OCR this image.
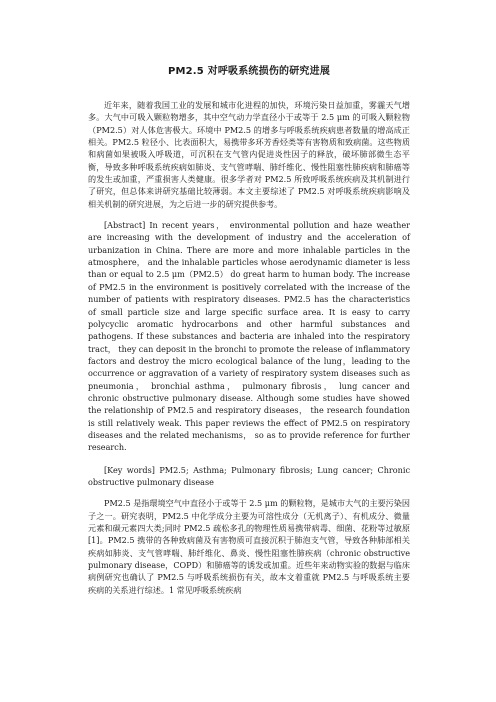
PM2.5 对呼吸系统损伤的研究进展

近年来，随着我国工业的发展和城市化进程的加快，环境污染日益加重，雾霾天气增多。大气中可吸入颗粒物增多，其中空气动力学直径小于或等于 2.5 μm 的可吸入颗粒物（PM2.5）对人体危害极大。环境中 PM2.5 的增多与呼吸系统疾病患者数量的增高成正相关。PM2.5 粒径小、比表面积大，易携带多环芳香烃类等有害物质和致病菌。这些物质和病菌如果被吸入呼吸道，可沉积在支气管内促进炎性因子的释放，破坏肺部微生态平衡，导致多种呼吸系统疾病如肺炎、支气管哮喘、肺纤维化、慢性阻塞性肺疾病和肺癌等的发生或加重，严重损害人类健康。很多学者对 PM2.5 所致呼吸系统疾病及其机制进行了研究，但总体来讲研究基础比较薄弱。本文主要综述了 PM2.5 对呼吸系统疾病影响及相关机制的研究进展，为之后进一步的研究提供参考。

[Abstract] In recent years， environmental pollution and haze weather are increasing with the development of industry and the acceleration of urbanization in China. There are more and more inhalable particles in the atmosphere， and the inhalable particles whose aerodynamic diameter is less than or equal to 2.5 μm（PM2.5） do great harm to human body. The increase of PM2.5 in the environment is positively correlated with the increase of the number of patients with respiratory diseases. PM2.5 has the characteristics of small particle size and large specific surface area. It is easy to carry polycyclic aromatic hydrocarbons and other harmful substances and pathogens. If these substances and bacteria are inhaled into the respiratory tract， they can deposit in the bronchi to promote the release of inflammatory factors and destroy the micro ecological balance of the lung，leading to the occurrence or aggravation of a variety of respiratory system diseases such as pneumonia， bronchial asthma， pulmonary fibrosis， lung cancer and chronic obstructive pulmonary disease. Although some studies have showed the relationship of PM2.5 and respiratory diseases， the research foundation is still relatively weak. This paper reviews the effect of PM2.5 on respiratory diseases and the related mechanisms， so as to provide reference for further research.

[Key words] PM2.5; Asthma; Pulmonary fibrosis; Lung cancer; Chronic obstructive pulmonary disease

PM2.5 是指環境空气中直径小于或等于 2.5 μm 的颗粒物，是城市大气的主要污染因子之一。研究表明，PM2.5 中化学成分主要为可溶性成分（无机离子）、有机成分、微量元素和碳元素四大类;同时 PM2.5 疏松多孔的物理性质易携带病毒、细菌、花粉等过敏原[1]。PM2.5 携带的各种致病菌及有害物质可直接沉积于肺泡支气管，导致各种肺部相关疾病如肺炎、支气管哮喘、肺纤维化、鼻炎、慢性阻塞性肺疾病（chronic obstructive pulmonary disease，COPD）和肺癌等的诱发或加重。近些年来动物实验的数据与临床病例研究也确认了 PM2.5 与呼吸系统损伤有关，故本文着重就 PM2.5 与呼吸系统主要疾病的关系进行综述。1 常见呼吸系统疾病
